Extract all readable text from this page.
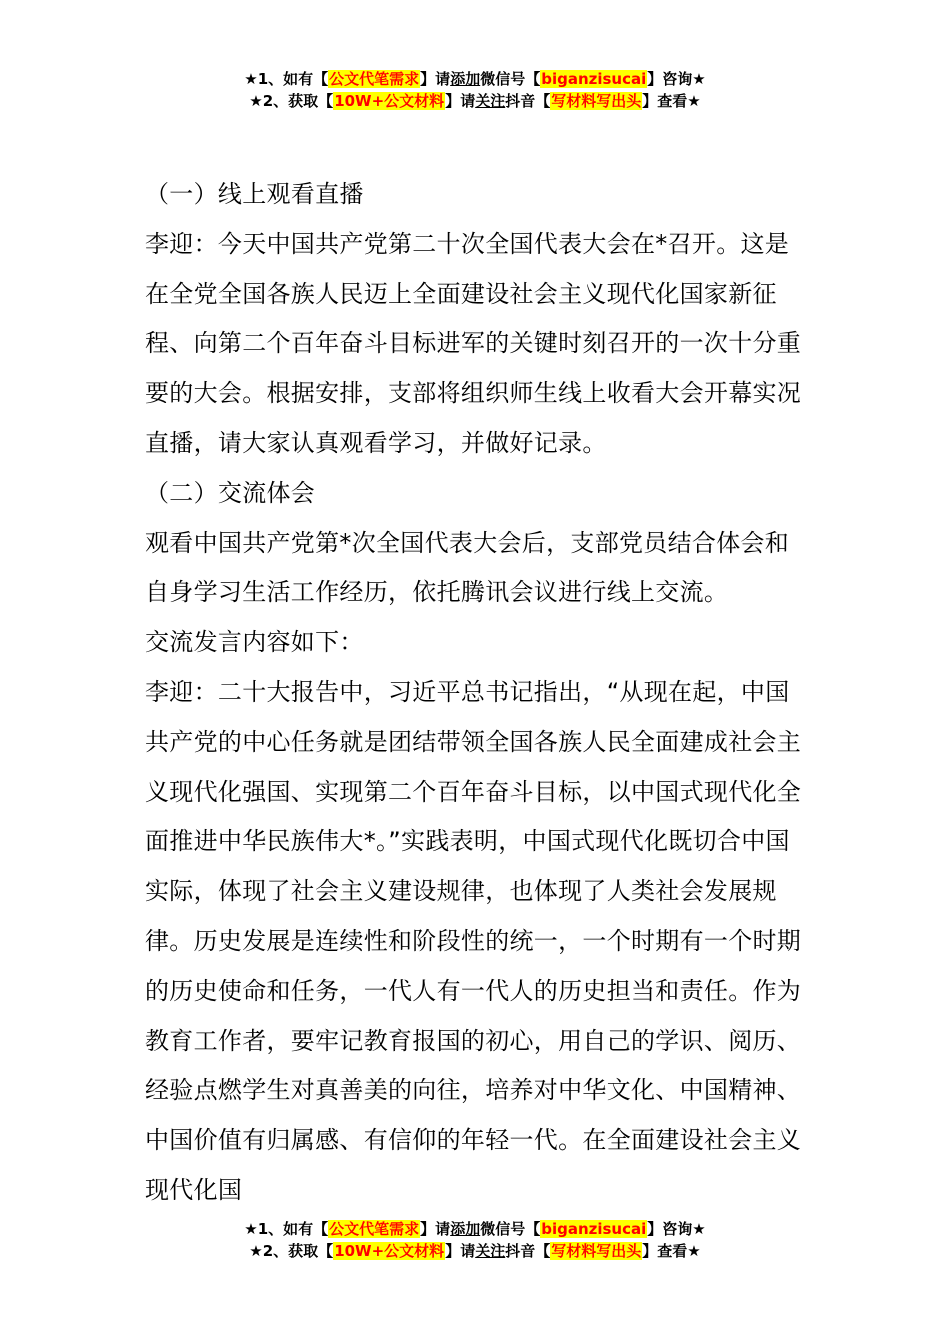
★1、如有【公文代笔需求】请添加微信号【biganzisucai】咨询★
★2、获取【10W+公文材料】请关注抖音【写材料写出头】查看★

（一）线上观看直播

李迎：今天中国共产党第二十次全国代表大会在*召开。这是在全党全国各族人民迈上全面建设社会主义现代化国家新征程、向第二个百年奋斗目标进军的关键时刻召开的一次十分重要的大会。根据安排，支部将组织师生线上收看大会开幕实况直播，请大家认真观看学习，并做好记录。

（二）交流体会

观看中国共产党第*次全国代表大会后，支部党员结合体会和自身学习生活工作经历，依托腾讯会议进行线上交流。

交流发言内容如下：

李迎：二十大报告中，习近平总书记指出，“从现在起，中国共产党的中心任务就是团结带领全国各族人民全面建成社会主义现代化强国、实现第二个百年奋斗目标，以中国式现代化全面推进中华民族伟大*。”实践表明，中国式现代化既切合中国实际，体现了社会主义建设规律，也体现了人类社会发展规律。历史发展是连续性和阶段性的统一，一个时期有一个时期的历史使命和任务，一代人有一代人的历史担当和责任。作为教育工作者，要牢记教育报国的初心，用自己的学识、阅历、经验点燃学生对真善美的向往，培养对中华文化、中国精神、中国价值有归属感、有信仰的年轻一代。在全面建设社会主义现代化国

★1、如有【公文代笔需求】请添加微信号【biganzisucai】咨询★
★2、获取【10W+公文材料】请关注抖音【写材料写出头】查看★
